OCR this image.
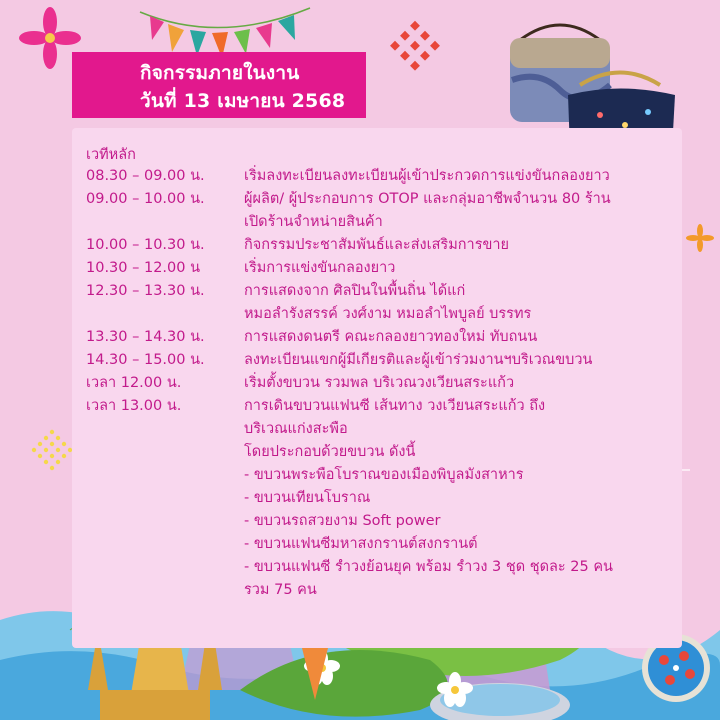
กิจกรรมภายในงาน
วันที่ 13 เมษายน 2568
เวทีหลัก
08.30 – 09.00 น.	เริ่มลงทะเบียนลงทะเบียนผู้เข้าประกวดการแข่งขันกลองยาว
09.00 – 10.00 น.	ผู้ผลิต/ ผู้ประกอบการ OTOP และกลุ่มอาชีพจำนวน 80 ร้าน
เปิดร้านจำหน่ายสินค้า
10.00 – 10.30 น.	กิจกรรมประชาสัมพันธ์และส่งเสริมการขาย
10.30 – 12.00 น	เริ่มการแข่งขันกลองยาว
12.30 – 13.30 น.	การแสดงจาก ศิลปินในพื้นถิ่น ได้แก่
หมอลำรังสรรค์ วงศ์งาม หมอลำไพบูลย์ บรรทร
13.30 – 14.30 น.	การแสดงดนตรี คณะกลองยาวทองใหม่ ทับถนน
14.30 – 15.00 น.	ลงทะเบียนแขกผู้มีเกียรติและผู้เข้าร่วมงานฯบริเวณขบวน
เวลา 12.00 น.	เริ่มตั้งขบวน รวมพล บริเวณวงเวียนสระแก้ว
เวลา 13.00 น.	การเดินขบวนแฟนซี เส้นทาง วงเวียนสระแก้ว ถึง
บริเวณแก่งสะพือ
โดยประกอบด้วยขบวน ดังนี้
- ขบวนพระพือโบราณของเมืองพิบูลมังสาหาร
- ขบวนเทียนโบราณ
- ขบวนรถสวยงาม Soft power
- ขบวนแฟนซีมหาสงกรานต์สงกรานต์
- ขบวนแฟนซี รำวงย้อนยุค พร้อม รำวง 3 ชุด ชุดละ 25 คน
รวม 75 คน
